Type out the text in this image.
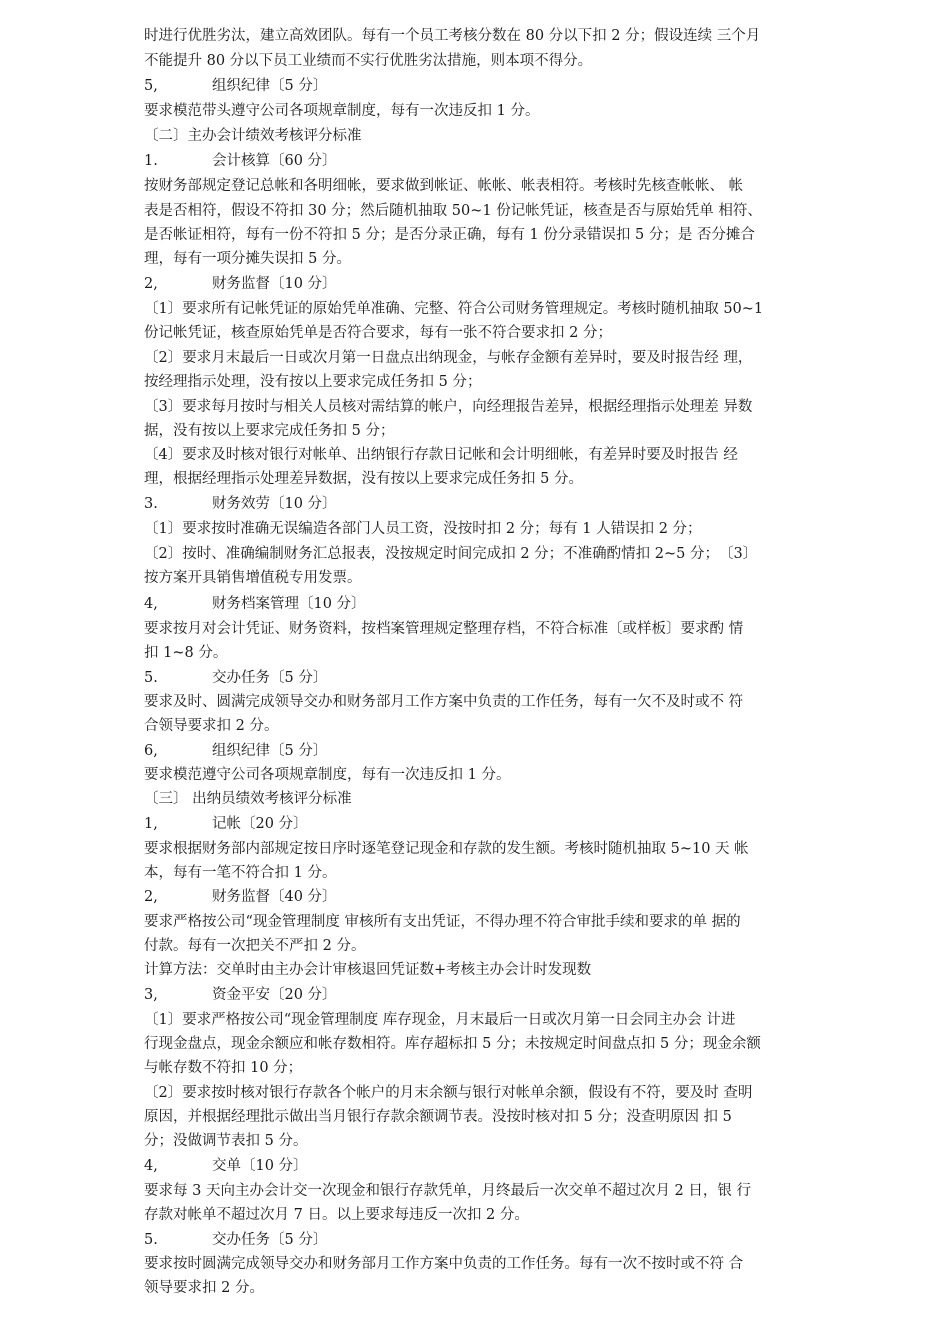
时进行优胜劣汰，建立高效团队。每有一个员工考核分数在 80 分以下扣 2 分；假设连续 三个月
不能提升 80 分以下员工业绩而不实行优胜劣汰措施，则本项不得分。
5,	组织纪律〔5 分〕
要求模范带头遵守公司各项规章制度，每有一次违反扣 1 分。
〔二〕主办会计绩效考核评分标准
1.	会计核算〔60 分〕
按财务部规定登记总帐和各明细帐，要求做到帐证、帐帐、帐表相符。考核时先核查帐帐、 帐
表是否相符，假设不符扣 30 分；然后随机抽取 50~1 份记帐凭证，核查是否与原始凭单 相符、
是否帐证相符，每有一份不符扣 5 分；是否分录正确，每有 1 份分录错误扣 5 分；是 否分摊合
理，每有一项分摊失误扣 5 分。
2,	财务监督〔10 分〕
〔1〕要求所有记帐凭证的原始凭单准确、完整、符合公司财务管理规定。考核时随机抽取 50~1
份记帐凭证，核查原始凭单是否符合要求，每有一张不符合要求扣 2 分；
〔2〕要求月末最后一日或次月第一日盘点出纳现金，与帐存金额有差异时，要及时报告经 理，
按经理指示处理，没有按以上要求完成任务扣 5 分；
〔3〕要求每月按时与相关人员核对需结算的帐户，向经理报告差异，根据经理指示处理差 异数
据，没有按以上要求完成任务扣 5 分；
〔4〕要求及时核对银行对帐单、出纳银行存款日记帐和会计明细帐，有差异时要及时报告 经
理，根据经理指示处理差异数据，没有按以上要求完成任务扣 5 分。
3.	财务效劳〔10 分〕
〔1〕要求按时准确无误编造各部门人员工资，没按时扣 2 分；每有 1 人错误扣 2 分；
〔2〕按时、准确编制财务汇总报表，没按规定时间完成扣 2 分；不准确酌情扣 2~5 分；　〔3〕
按方案开具销售增值税专用发票。
4,	财务档案管理〔10 分〕
要求按月对会计凭证、财务资料，按档案管理规定整理存档，不符合标准〔或样板〕要求酌 情
扣 1~8 分。
5.	交办任务〔5 分〕
要求及时、圆满完成领导交办和财务部月工作方案中负责的工作任务，每有一欠不及时或不 符
合领导要求扣 2 分。
6,	组织纪律〔5 分〕
要求模范遵守公司各项规章制度，每有一次违反扣 1 分。
〔三〕 出纳员绩效考核评分标准
1,	记帐〔20 分〕
要求根据财务部内部规定按日序时逐笔登记现金和存款的发生额。考核时随机抽取 5~10 天 帐
本，每有一笔不符合扣 1 分。
2,	财务监督〔40 分〕
要求严格按公司“现金管理制度 审核所有支出凭证，不得办理不符合审批手续和要求的单 据的
付款。每有一次把关不严扣 2 分。
计算方法：交单时由主办会计审核退回凭证数+考核主办会计时发现数
3,	资金平安〔20 分〕
〔1〕要求严格按公司“现金管理制度 库存现金，月末最后一日或次月第一日会同主办会 计进
行现金盘点，现金余额应和帐存数相符。库存超标扣 5 分；未按规定时间盘点扣 5 分；现金余额
与帐存数不符扣 10 分；
〔2〕要求按时核对银行存款各个帐户的月末余额与银行对帐单余额，假设有不符，要及时 查明
原因，并根据经理批示做出当月银行存款余额调节表。没按时核对扣 5 分；没查明原因 扣 5
分；没做调节表扣 5 分。
4,	交单〔10 分〕
要求每 3 天向主办会计交一次现金和银行存款凭单，月终最后一次交单不超过次月 2 日，银 行
存款对帐单不超过次月 7 日。以上要求每违反一次扣 2 分。
5.	交办任务〔5 分〕
要求按时圆满完成领导交办和财务部月工作方案中负责的工作任务。每有一次不按时或不符 合
领导要求扣 2 分。
